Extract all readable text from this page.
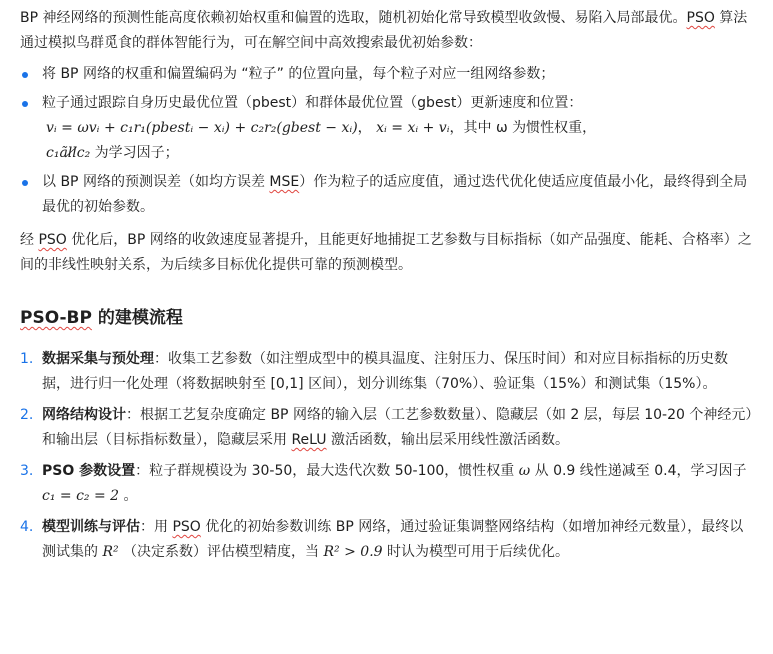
BP 神经网络的预测性能高度依赖初始权重和偏置的选取，随机初始化常导致模型收敛慢、易陷入局部最优。PSO 算法通过模拟鸟群觅食的群体智能行为，可在解空间中高效搜索最优初始参数：

将 BP 网络的权重和偏置编码为 “粒子” 的位置向量，每个粒子对应一组网络参数；
粒子通过跟踪自身历史最优位置（pbest）和群体最优位置（gbest）更新速度和位置：
vᵢ = ωvᵢ + c₁r₁(pbestᵢ − xᵢ) + c₂r₂(gbest − xᵢ)， xᵢ = xᵢ + vᵢ，其中 ω 为惯性权重，
c₁ãll̸c₂ 为学习因子；
以 BP 网络的预测误差（如均方误差 MSE）作为粒子的适应度值，通过迭代优化使适应度值最小化，最终得到全局最优的初始参数。

经 PSO 优化后，BP 网络的收敛速度显著提升，且能更好地捕捉工艺参数与目标指标（如产品强度、能耗、合格率）之间的非线性映射关系，为后续多目标优化提供可靠的预测模型。

PSO-BP 的建模流程
1. 数据采集与预处理：收集工艺参数（如注塑成型中的模具温度、注射压力、保压时间）和对应目标指标的历史数据，进行归一化处理（将数据映射至 [0,1] 区间），划分训练集（70%）、验证集（15%）和测试集（15%）。
2. 网络结构设计：根据工艺复杂度确定 BP 网络的输入层（工艺参数数量）、隐藏层（如 2 层，每层 10-20 个神经元）和输出层（目标指标数量），隐藏层采用 ReLU 激活函数，输出层采用线性激活函数。
3. PSO 参数设置：粒子群规模设为 30-50，最大迭代次数 50-100，惯性权重 ω 从 0.9 线性递减至 0.4，学习因子 c₁ = c₂ = 2 。
4. 模型训练与评估：用 PSO 优化的初始参数训练 BP 网络，通过验证集调整网络结构（如增加神经元数量），最终以测试集的 R² （决定系数）评估模型精度，当 R² > 0.9 时认为模型可用于后续优化。
